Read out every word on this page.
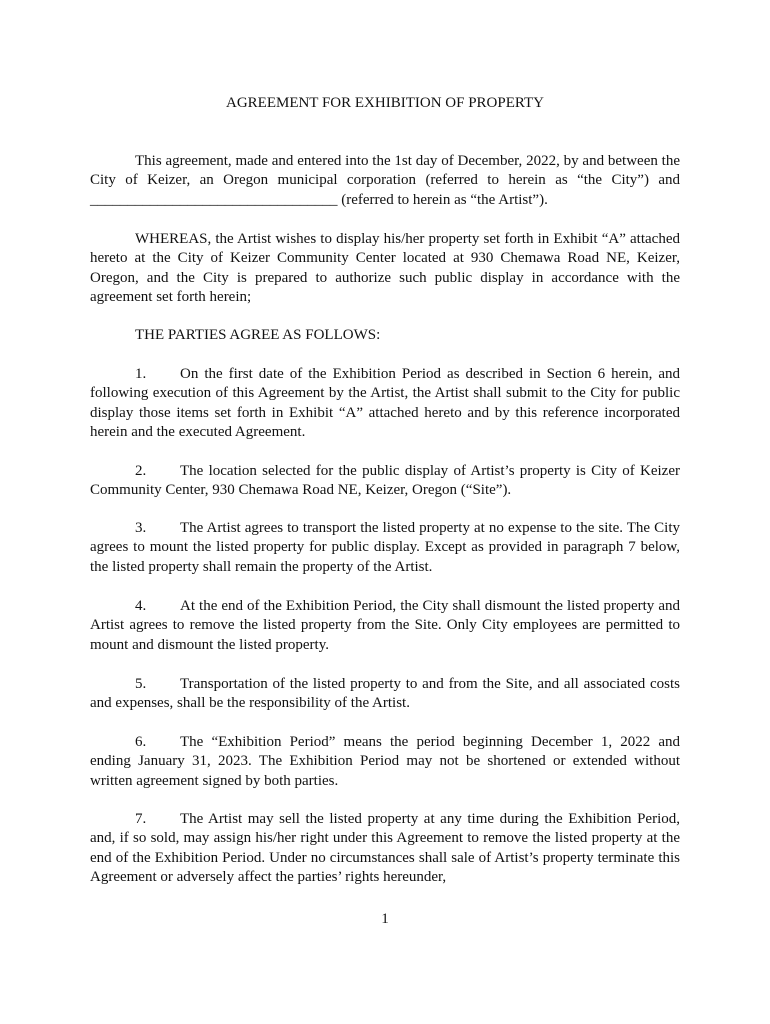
AGREEMENT FOR EXHIBITION OF PROPERTY

This agreement, made and entered into the 1st day of December, 2022, by and between the City of Keizer, an Oregon municipal corporation (referred to herein as “the City”) and _________________________________ (referred to herein as “the Artist”).

WHEREAS, the Artist wishes to display his/her property set forth in Exhibit “A” attached hereto at the City of Keizer Community Center located at 930 Chemawa Road NE, Keizer, Oregon, and the City is prepared to authorize such public display in accordance with the agreement set forth herein;

THE PARTIES AGREE AS FOLLOWS:

1. On the first date of the Exhibition Period as described in Section 6 herein, and following execution of this Agreement by the Artist, the Artist shall submit to the City for public display those items set forth in Exhibit “A” attached hereto and by this reference incorporated herein and the executed Agreement.

2. The location selected for the public display of Artist’s property is City of Keizer Community Center, 930 Chemawa Road NE, Keizer, Oregon (“Site”).

3. The Artist agrees to transport the listed property at no expense to the site. The City agrees to mount the listed property for public display. Except as provided in paragraph 7 below, the listed property shall remain the property of the Artist.

4. At the end of the Exhibition Period, the City shall dismount the listed property and Artist agrees to remove the listed property from the Site. Only City employees are permitted to mount and dismount the listed property.

5. Transportation of the listed property to and from the Site, and all associated costs and expenses, shall be the responsibility of the Artist.

6. The “Exhibition Period” means the period beginning December 1, 2022 and ending January 31, 2023. The Exhibition Period may not be shortened or extended without written agreement signed by both parties.

7. The Artist may sell the listed property at any time during the Exhibition Period, and, if so sold, may assign his/her right under this Agreement to remove the listed property at the end of the Exhibition Period. Under no circumstances shall sale of Artist’s property terminate this Agreement or adversely affect the parties’ rights hereunder,

1
